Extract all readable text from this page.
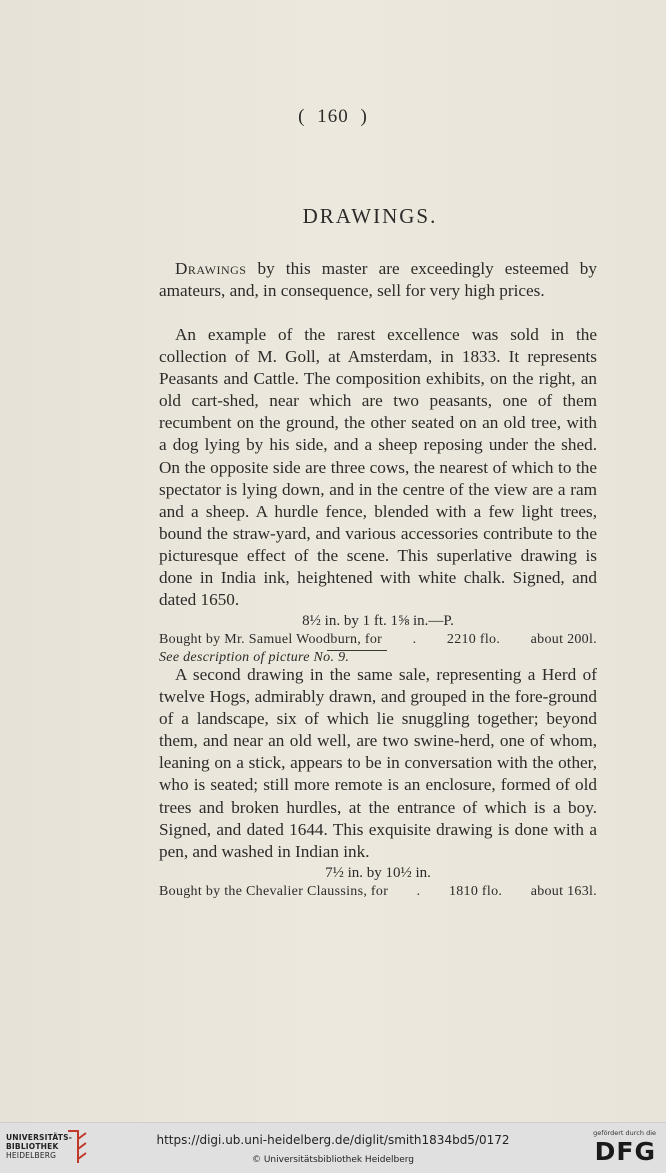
( 160 )
DRAWINGS.

Drawings by this master are exceedingly esteemed by amateurs, and, in consequence, sell for very high prices.

An example of the rarest excellence was sold in the collection of M. Goll, at Amsterdam, in 1833. It represents Peasants and Cattle. The composition exhibits, on the right, an old cart-shed, near which are two peasants, one of them recumbent on the ground, the other seated on an old tree, with a dog lying by his side, and a sheep reposing under the shed. On the opposite side are three cows, the nearest of which to the spectator is lying down, and in the centre of the view are a ram and a sheep. A hurdle fence, blended with a few light trees, bound the straw-yard, and various accessories contribute to the picturesque effect of the scene. This superlative drawing is done in India ink, heightened with white chalk. Signed, and dated 1650.

8½ in. by 1 ft. 1⅝ in.—P.
Bought by Mr. Samuel Woodburn, for . 2210 flo. about 200l.
See description of picture No. 9.

A second drawing in the same sale, representing a Herd of twelve Hogs, admirably drawn, and grouped in the fore-ground of a landscape, six of which lie snuggling together; beyond them, and near an old well, are two swine-herd, one of whom, leaning on a stick, appears to be in conversation with the other, who is seated; still more remote is an enclosure, formed of old trees and broken hurdles, at the entrance of which is a boy. Signed, and dated 1644. This exquisite drawing is done with a pen, and washed in Indian ink.

7½ in. by 10½ in.
Bought by the Chevalier Claussins, for . 1810 flo. about 163l.
UNIVERSITÄTS-
BIBLIOTHEK
HEIDELBERG
https://digi.ub.uni-heidelberg.de/diglit/smith1834bd5/0172
© Universitätsbibliothek Heidelberg
gefördert durch die
DFG
